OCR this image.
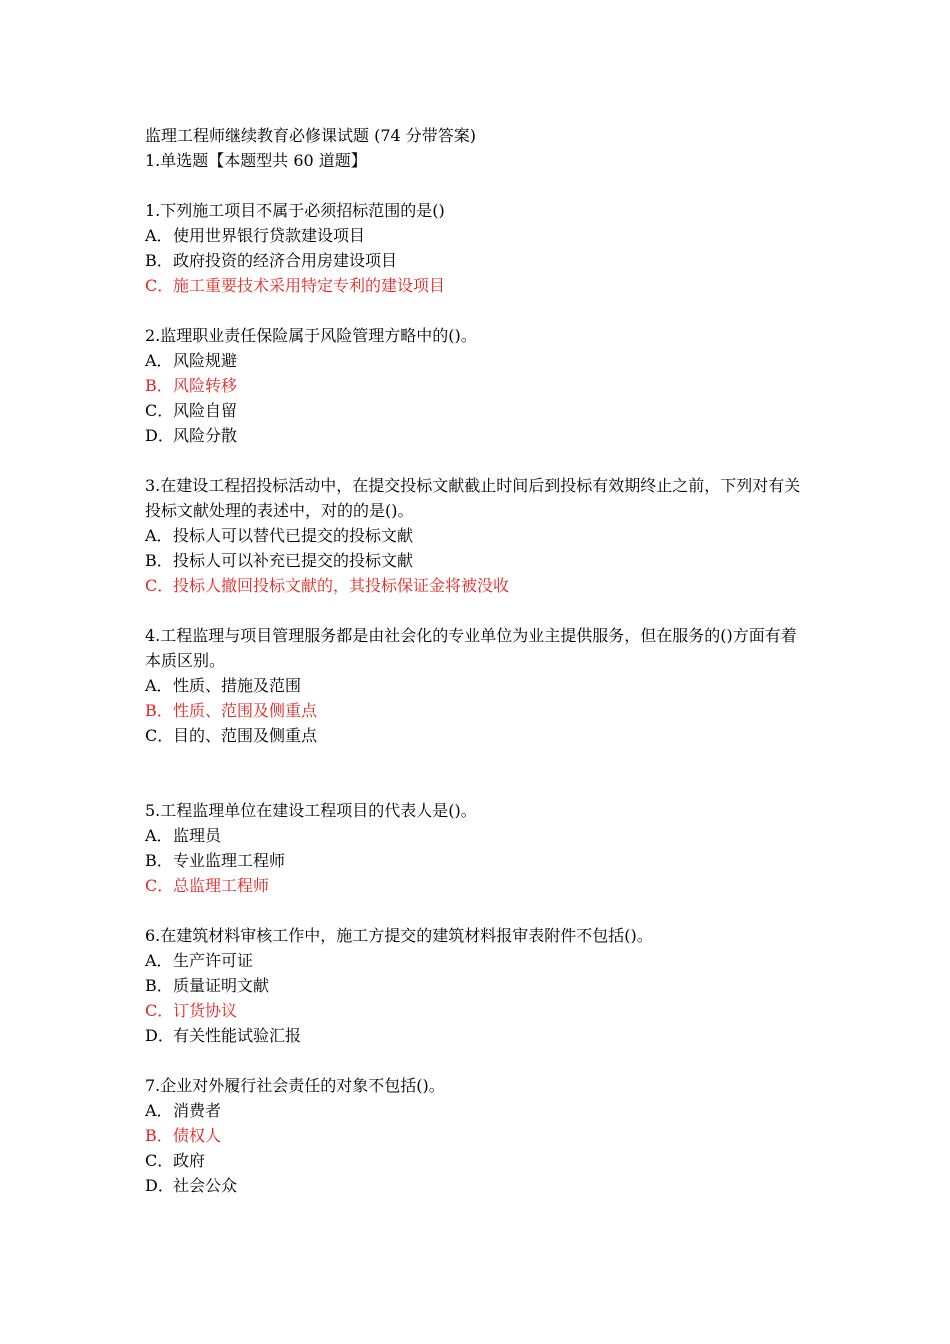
监理工程师继续教育必修课试题 (74 分带答案)

1.单选题【本题型共 60 道题】

1.下列施工项目不属于必须招标范围的是()

A．使用世界银行贷款建设项目

B．政府投资的经济合用房建设项目

C．施工重要技术采用特定专利的建设项目

2.监理职业责任保险属于风险管理方略中的()。

A．风险规避

B．风险转移

C．风险自留

D．风险分散

3.在建设工程招投标活动中，在提交投标文献截止时间后到投标有效期终止之前，下列对有关投标文献处理的表述中，对的的是()。

A．投标人可以替代已提交的投标文献

B．投标人可以补充已提交的投标文献

C．投标人撤回投标文献的，其投标保证金将被没收

4.工程监理与项目管理服务都是由社会化的专业单位为业主提供服务，但在服务的()方面有着本质区别。

A．性质、措施及范围

B．性质、范围及侧重点

C．目的、范围及侧重点

5.工程监理单位在建设工程项目的代表人是()。

A．监理员

B．专业监理工程师

C．总监理工程师

6.在建筑材料审核工作中，施工方提交的建筑材料报审表附件不包括()。

A．生产许可证

B．质量证明文献

C．订货协议

D．有关性能试验汇报

7.企业对外履行社会责任的对象不包括()。

A．消费者

B．债权人

C．政府

D．社会公众
